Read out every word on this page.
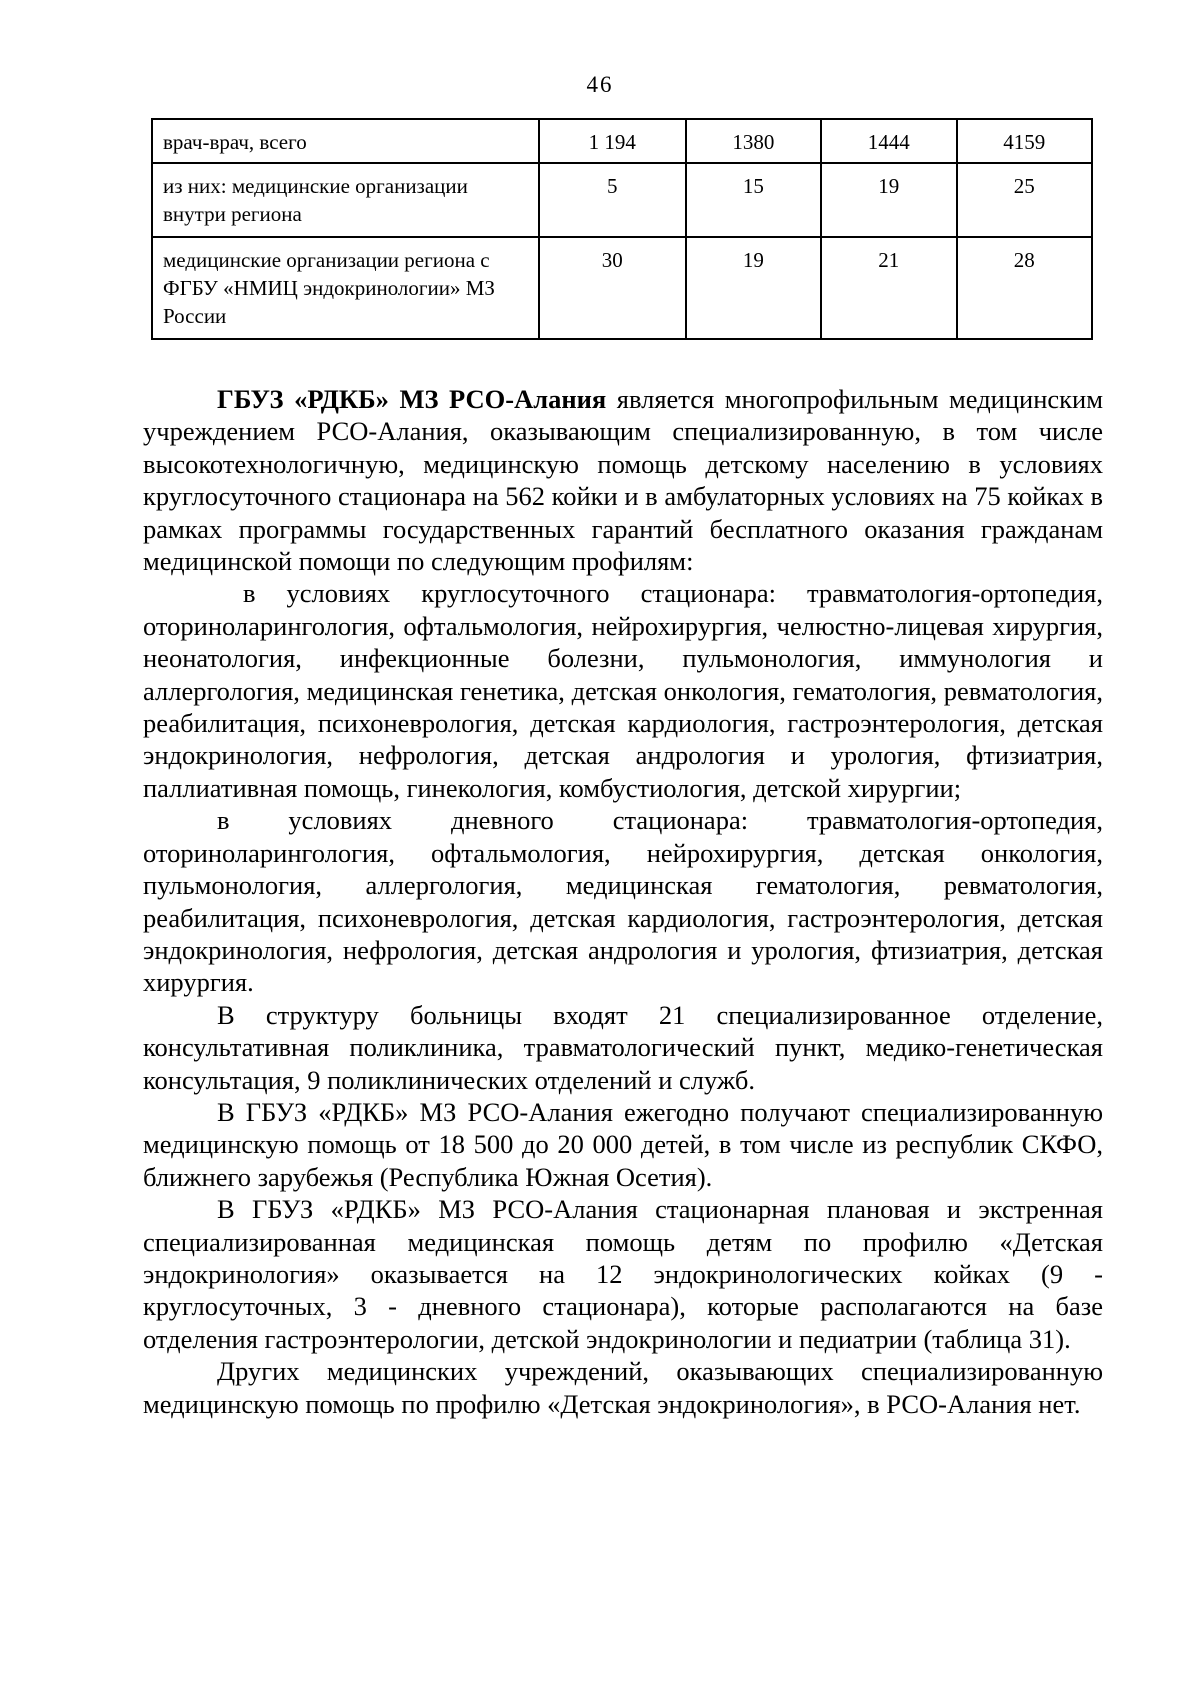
46
врач-врач, всего	1 194	1380	1444	4159
из них: медицинские организации внутри региона	5	15	19	25
медицинские организации региона с ФГБУ «НМИЦ эндокринологии» МЗ России	30	19	21	28

ГБУЗ «РДКБ» МЗ РСО-Алания является многопрофильным медицинским учреждением РСО-Алания, оказывающим специализированную, в том числе высокотехнологичную, медицинскую помощь детскому населению в условиях круглосуточного стационара на 562 койки и в амбулаторных условиях на 75 койках в рамках программы государственных гарантий бесплатного оказания гражданам медицинской помощи по следующим профилям:

в условиях круглосуточного стационара: травматология-ортопедия, оториноларингология, офтальмология, нейрохирургия, челюстно-лицевая хирургия, неонатология, инфекционные болезни, пульмонология, иммунология и аллергология, медицинская генетика, детская онкология, гематология, ревматология, реабилитация, психоневрология, детская кардиология, гастроэнтерология, детская эндокринология, нефрология, детская андрология и урология, фтизиатрия, паллиативная помощь, гинекология, комбустиология, детской хирургии;

в условиях дневного стационара: травматология-ортопедия, оториноларингология, офтальмология, нейрохирургия, детская онкология, пульмонология, аллергология, медицинская гематология, ревматология, реабилитация, психоневрология, детская кардиология, гастроэнтерология, детская эндокринология, нефрология, детская андрология и урология, фтизиатрия, детская хирургия.

В структуру больницы входят 21 специализированное отделение, консультативная поликлиника, травматологический пункт, медико-генетическая консультация, 9 поликлинических отделений и служб.

В ГБУЗ «РДКБ» МЗ РСО-Алания ежегодно получают специализированную медицинскую помощь от 18 500 до 20 000 детей, в том числе из республик СКФО, ближнего зарубежья (Республика Южная Осетия).

В ГБУЗ «РДКБ» МЗ РСО-Алания стационарная плановая и экстренная специализированная медицинская помощь детям по профилю «Детская эндокринология» оказывается на 12 эндокринологических койках (9 - круглосуточных, 3 - дневного стационара), которые располагаются на базе отделения гастроэнтерологии, детской эндокринологии и педиатрии (таблица 31).

Других медицинских учреждений, оказывающих специализированную медицинскую помощь по профилю «Детская эндокринология», в РСО-Алания нет.
